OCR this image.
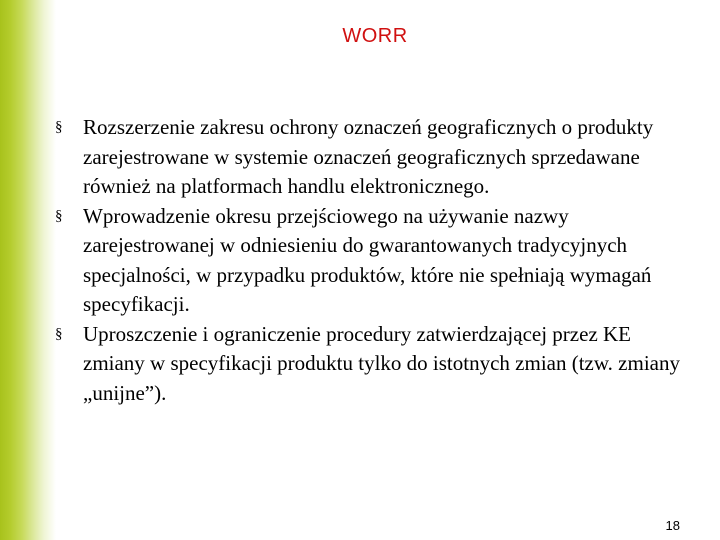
WORR
§ Rozszerzenie zakresu ochrony oznaczeń geograficznych o produkty zarejestrowane w systemie oznaczeń geograficznych sprzedawane również na platformach handlu elektronicznego.
§ Wprowadzenie okresu przejściowego na używanie nazwy zarejestrowanej w odniesieniu do gwarantowanych tradycyjnych specjalności, w przypadku produktów, które nie spełniają wymagań specyfikacji.
§ Uproszczenie i ograniczenie procedury zatwierdzającej przez KE zmiany w specyfikacji produktu tylko do istotnych zmian (tzw. zmiany „unijne”).
18
